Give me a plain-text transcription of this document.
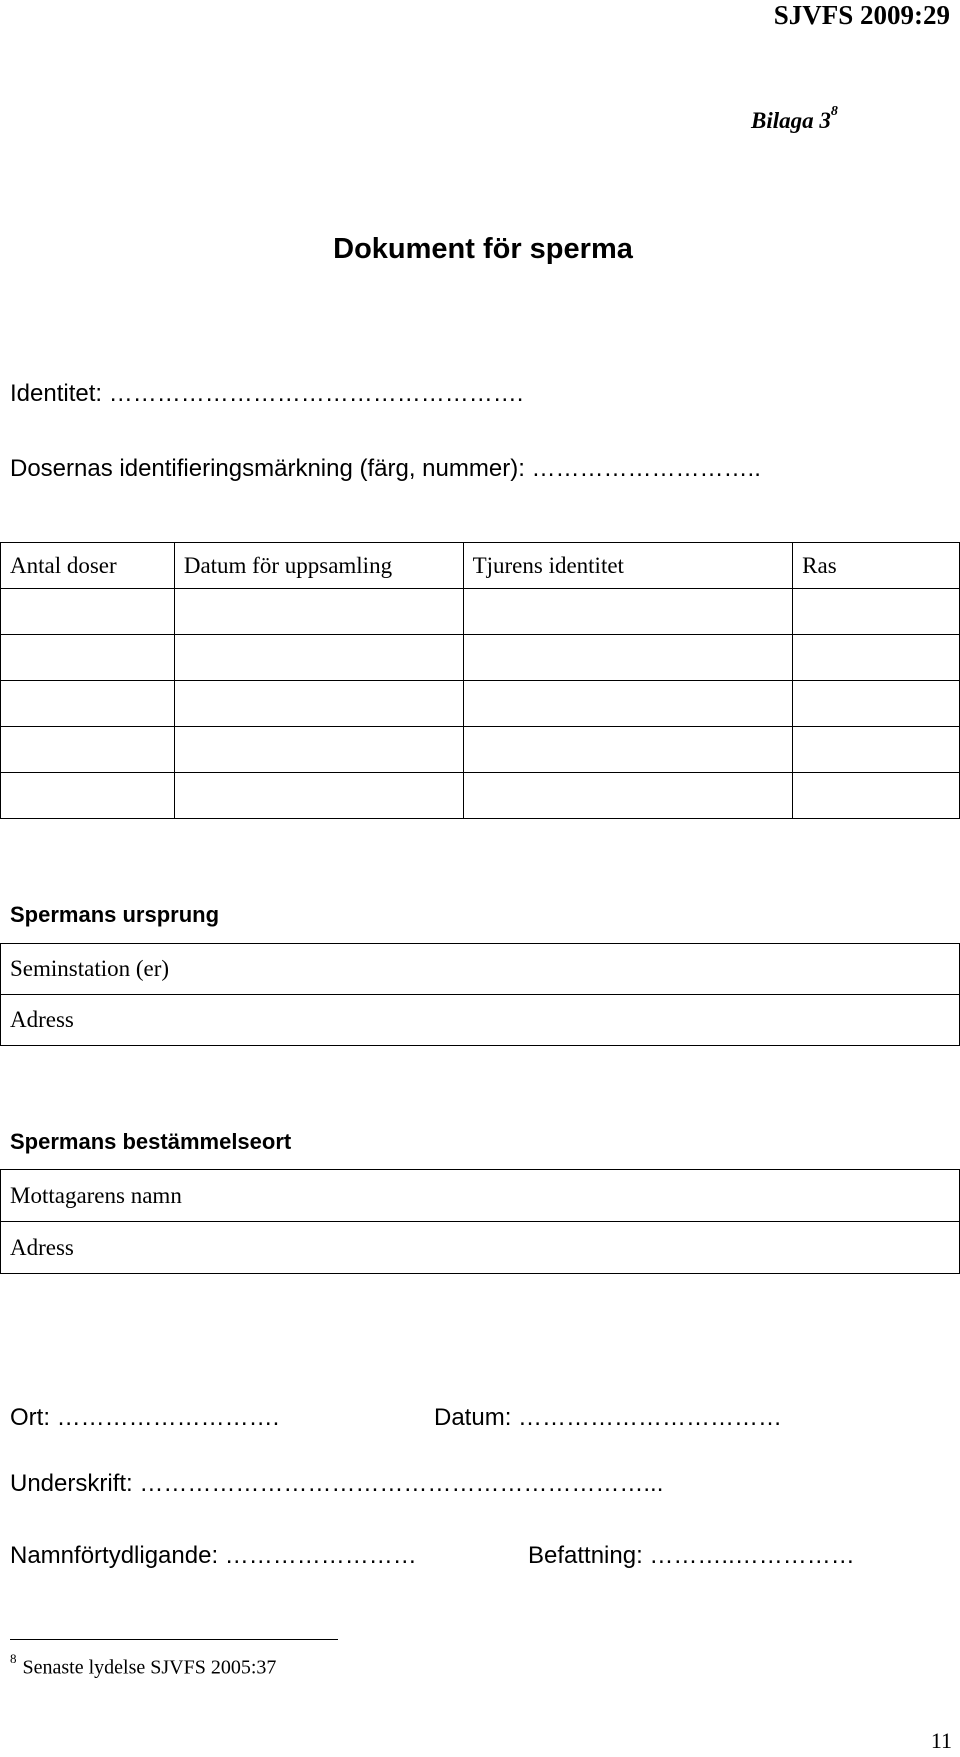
SJVFS 2009:29
Bilaga $3^8$
Dokument för sperma
Identitet: …………………………………………….
Dosernas identifieringsmärkning (färg, nummer): ………………………..
Antal doser	Datum för uppsamling	Tjurens identitet	Ras

Spermans ursprung
Seminstation (er)
Adress
Spermans bestämmelseort
Mottagarens namn
Adress
Ort: ……………………….	Datum: ……………………………
Underskrift: ………………………………………………………...
Namnförtydligande: ……………………	Befattning: ………..……………
$^8$ Senaste lydelse SJVFS 2005:37
11
